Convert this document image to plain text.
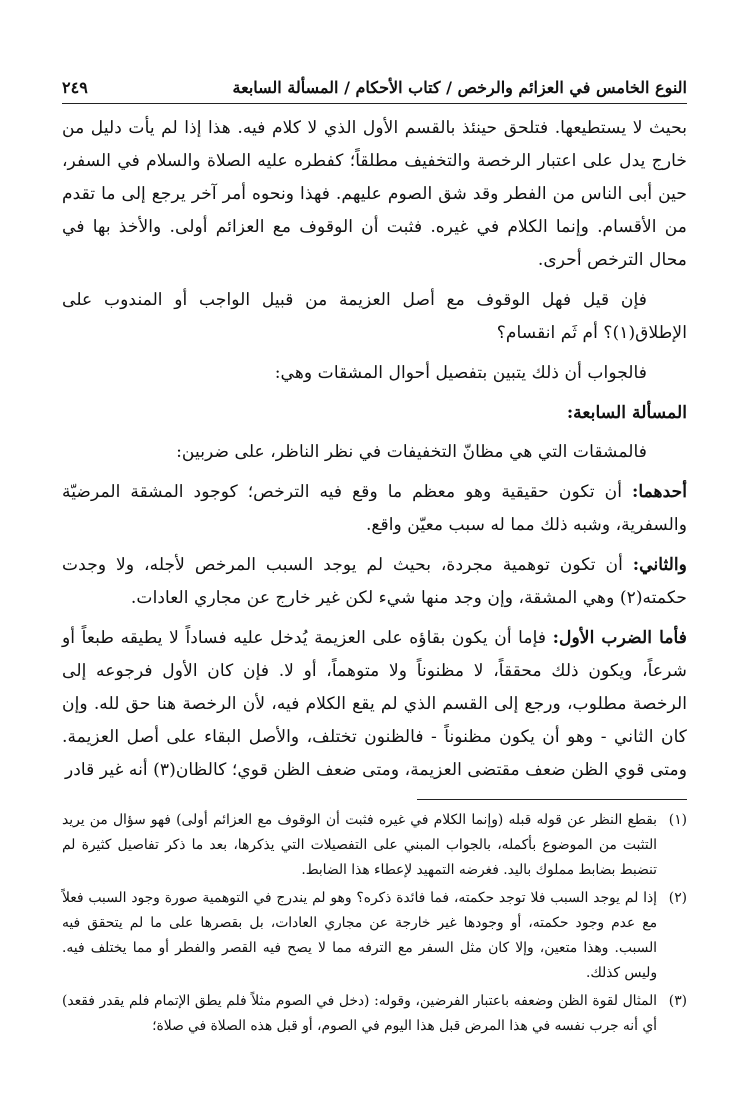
النوع الخامس في العزائم والرخص / كتاب الأحكام / المسألة السابعة
٢٤٩

بحيث لا يستطيعها. فتلحق حينئذ بالقسم الأول الذي لا كلام فيه. هذا إذا لم يأت دليل من خارج يدل على اعتبار الرخصة والتخفيف مطلقاً؛ كفطره عليه الصلاة والسلام في السفر، حين أبى الناس من الفطر وقد شق الصوم عليهم. فهذا ونحوه أمر آخر يرجع إلى ما تقدم من الأقسام. وإنما الكلام في غيره. فثبت أن الوقوف مع العزائم أولى. والأخذ بها في محال الترخص أحرى.

فإن قيل فهل الوقوف مع أصل العزيمة من قبيل الواجب أو المندوب على الإطلاق(١)؟ أم ثَم انقسام؟

فالجواب أن ذلك يتبين بتفصيل أحوال المشقات وهي:

المسألة السابعة:

فالمشقات التي هي مظانّ التخفيفات في نظر الناظر، على ضربين:

أحدهما: أن تكون حقيقية وهو معظم ما وقع فيه الترخص؛ كوجود المشقة المرضيّة والسفرية، وشبه ذلك مما له سبب معيّن واقع.

والثاني: أن تكون توهمية مجردة، بحيث لم يوجد السبب المرخص لأجله، ولا وجدت حكمته(٢) وهي المشقة، وإن وجد منها شيء لكن غير خارج عن مجاري العادات.

فأما الضرب الأول: فإما أن يكون بقاؤه على العزيمة يُدخل عليه فساداً لا يطيقه طبعاً أو شرعاً، ويكون ذلك محققاً، لا مظنوناً ولا متوهماً، أو لا. فإن كان الأول فرجوعه إلى الرخصة مطلوب، ورجع إلى القسم الذي لم يقع الكلام فيه، لأن الرخصة هنا حق لله. وإن كان الثاني - وهو أن يكون مظنوناً - فالظنون تختلف، والأصل البقاء على أصل العزيمة. ومتى قوي الظن ضعف مقتضى العزيمة، ومتى ضعف الظن قوي؛ كالظان(٣) أنه غير قادر

(١)
بقطع النظر عن قوله قبله (وإنما الكلام في غيره فثبت أن الوقوف مع العزائم أولى) فهو سؤال من يريد التثبت من الموضوع بأكمله، بالجواب المبني على التفصيلات التي يذكرها، بعد ما ذكر تفاصيل كثيرة لم تنضبط بضابط مملوك باليد. فغرضه التمهيد لإعطاء هذا الضابط.
(٢)
إذا لم يوجد السبب فلا توجد حكمته، فما فائدة ذكره؟ وهو لم يندرج في التوهمية صورة وجود السبب فعلاً مع عدم وجود حكمته، أو وجودها غير خارجة عن مجاري العادات، بل بقصرها على ما لم يتحقق فيه السبب. وهذا متعين، وإلا كان مثل السفر مع الترفه مما لا يصح فيه القصر والفطر أو مما يختلف فيه. وليس كذلك.
(٣)
المثال لقوة الظن وضعفه باعتبار الفرضين، وقوله: (دخل في الصوم مثلاً فلم يطق الإتمام فلم يقدر فقعد) أي أنه جرب نفسه في هذا المرض قبل هذا اليوم في الصوم، أو قبل هذه الصلاة في صلاة؛
